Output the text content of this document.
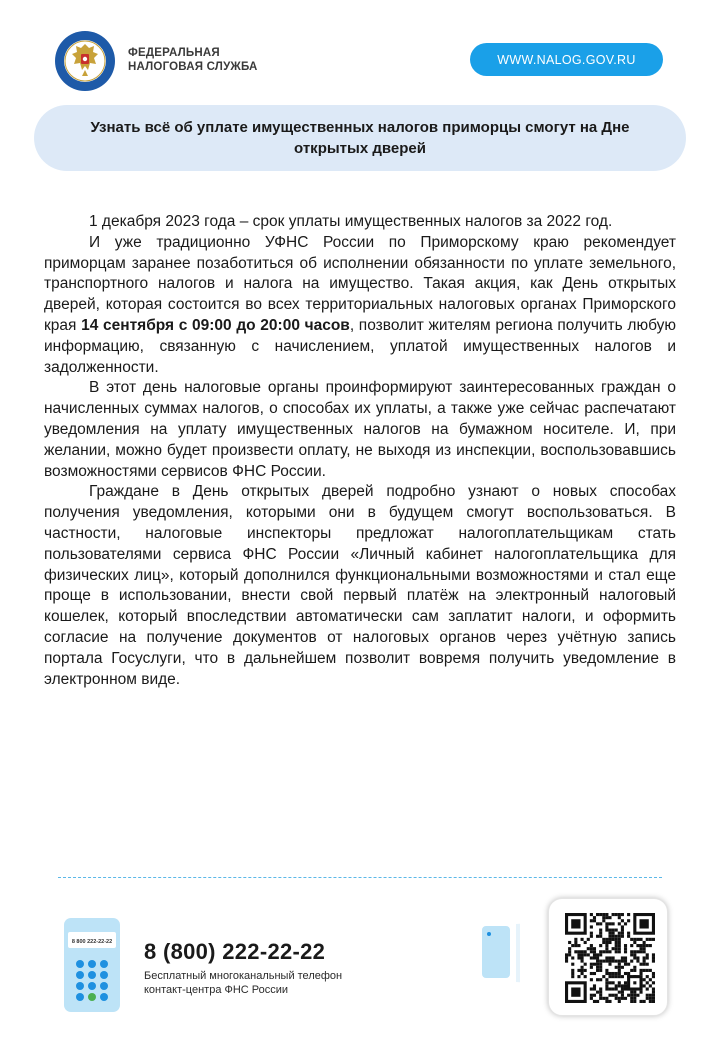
ФЕДЕРАЛЬНАЯ
НАЛОГОВАЯ СЛУЖБА
WWW.NALOG.GOV.RU
Узнать всё об уплате имущественных налогов приморцы смогут на Дне открытых дверей

1 декабря 2023 года – срок уплаты имущественных налогов за 2022 год.

И уже традиционно УФНС России по Приморскому краю рекомендует приморцам заранее позаботиться об исполнении обязанности по уплате земельного, транспортного налогов и налога на имущество. Такая акция, как День открытых дверей, которая состоится во всех территориальных налоговых органах Приморского края 14 сентября с 09:00 до 20:00 часов, позволит жителям региона получить любую информацию, связанную с начислением, уплатой имущественных налогов и задолженности.

В этот день налоговые органы проинформируют заинтересованных граждан о начисленных суммах налогов, о способах их уплаты, а также уже сейчас распечатают уведомления на уплату имущественных налогов на бумажном носителе. И, при желании, можно будет произвести оплату, не выходя из инспекции, воспользовавшись возможностями сервисов ФНС России.

Граждане в День открытых дверей подробно узнают о новых способах получения уведомления, которыми они в будущем смогут воспользоваться. В частности, налоговые инспекторы предложат налогоплательщикам стать пользователями сервиса ФНС России «Личный кабинет налогоплательщика для физических лиц», который дополнился функциональными возможностями и стал еще проще в использовании, внести свой первый платёж на электронный налоговый кошелек, который впоследствии автоматически сам заплатит налоги, и оформить согласие на получение документов от налоговых органов через учётную запись портала Госуслуги, что в дальнейшем позволит вовремя получить уведомление в электронном виде.

8 800 222-22-22 8 (800) 222-22-22
Бесплатный многоканальный телефон
контакт-центра ФНС России
